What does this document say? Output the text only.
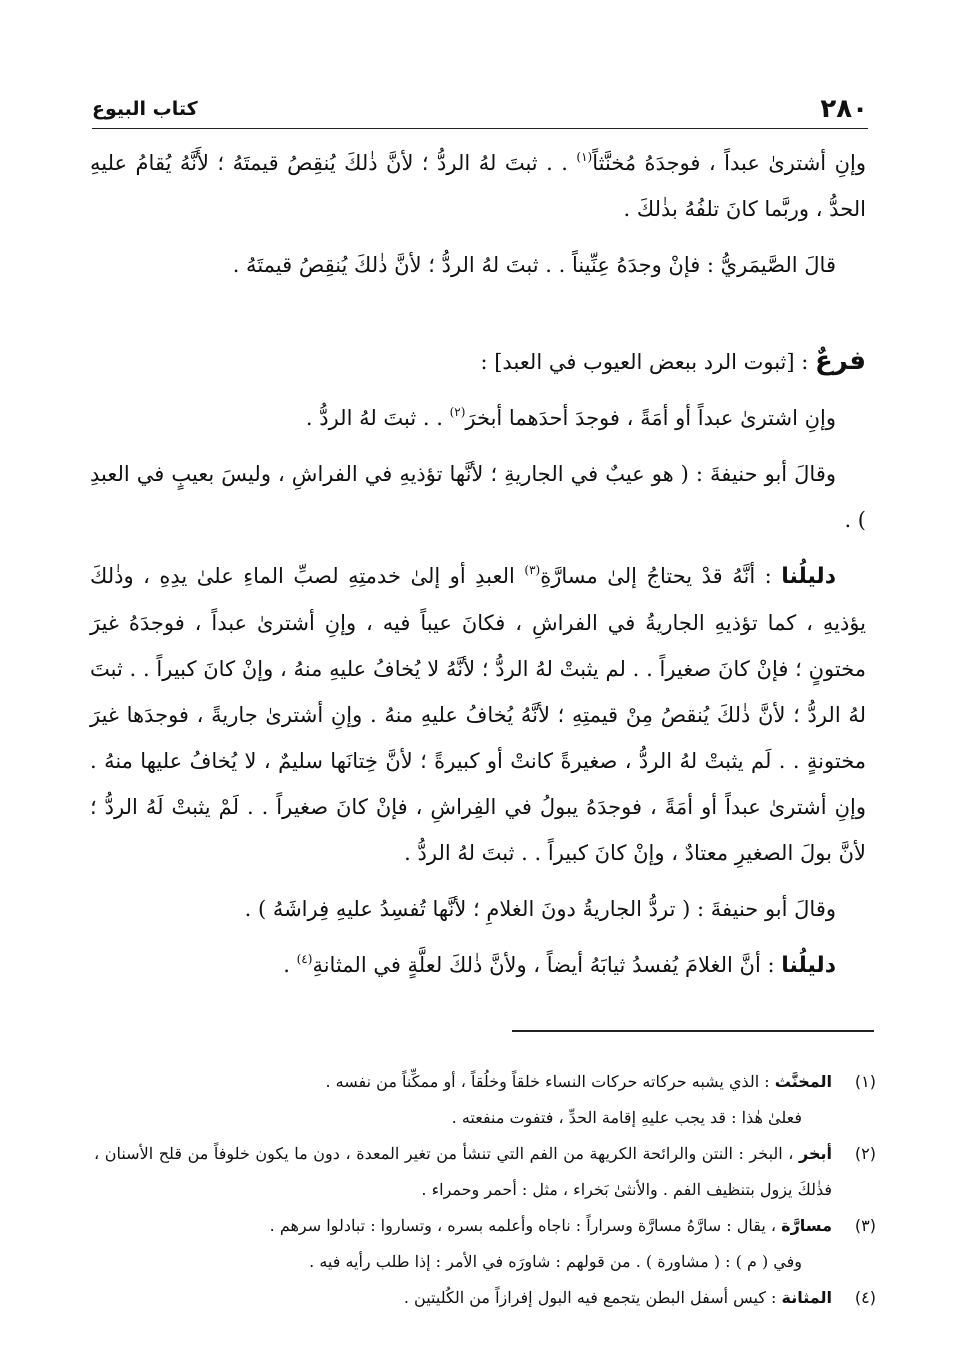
٢٨٠
كتاب البيوع

وإنِ أشترىٰ عبداً ، فوجدَهُ مُخنَّثاً$^{(١)}$ . . ثبتَ لهُ الردُّ ؛ لأنَّ ذٰلكَ يُنقِصُ قيمتَهُ ؛ لأَنَّهُ يُقامُ عليهِ الحدُّ ، وربَّما كانَ تلفُهُ بذٰلكَ .

قالَ الصَّيمَريُّ : فإنْ وجدَهُ عِنِّيناً . . ثبتَ لهُ الردُّ ؛ لأنَّ ذٰلكَ يُنقِصُ قيمتَهُ .

فرعٌ : [ثبوت الرد ببعض العيوب في العبد] :

وإنِ اشترىٰ عبداً أو أمَةً ، فوجدَ أحدَهما أبخرَ$^{(٢)}$ . . ثبتَ لهُ الردُّ .

وقالَ أبو حنيفةَ : ( هو عيبٌ في الجاريةِ ؛ لأنَّها تؤذيهِ في الفراشِ ، وليسَ بعيبٍ في العبدِ ) .

دليلُنا : أنَّهُ قدْ يحتاجُ إلىٰ مسارَّةِ$^{(٣)}$ العبدِ أو إلىٰ خدمتِهِ لصبِّ الماءِ علىٰ يدِهِ ، وذٰلكَ يؤذيهِ ، كما تؤذيهِ الجاريةُ في الفراشِ ، فكانَ عيباً فيه ، وإنِ أشترىٰ عبداً ، فوجدَهُ غيرَ مختونٍ ؛ فإنْ كانَ صغيراً . . لم يثبتْ لهُ الردُّ ؛ لأنَّهُ لا يُخافُ عليهِ منهُ ، وإنْ كانَ كبيراً . . ثبتَ لهُ الردُّ ؛ لأنَّ ذٰلكَ يُنقصُ مِنْ قيمتِهِ ؛ لأنَّهُ يُخافُ عليهِ منهُ . وإنِ أشترىٰ جاريةً ، فوجدَها غيرَ مختونةٍ . . لَم يثبتْ لهُ الردُّ ، صغيرةً كانتْ أو كبيرةً ؛ لأنَّ خِتانَها سليمٌ ، لا يُخافُ عليها منهُ . وإنِ أشترىٰ عبداً أو أمَةً ، فوجدَهُ يبولُ في الفِراشِ ، فإنْ كانَ صغيراً . . لَمْ يثبتْ لَهُ الردُّ ؛ لأنَّ بولَ الصغيرِ معتادٌ ، وإنْ كانَ كبيراً . . ثبتَ لهُ الردُّ .

وقالَ أبو حنيفةَ : ( تردُّ الجاريةُ دونَ الغلامِ ؛ لأنَّها تُفسِدُ عليهِ فِراشَهُ ) .

دليلُنا : أنَّ الغلامَ يُفسدُ ثيابَهُ أيضاً ، ولأنَّ ذٰلكَ لعلَّةٍ في المثانةِ$^{(٤)}$ .

(١)
المخنَّث : الذي يشبه حركاته حركات النساء خلقاً وخلُقاً ، أو ممكِّناً من نفسه .
فعلىٰ هٰذا : قد يجب عليهِ إقامة الحدِّ ، فتفوت منفعته .
(٢)
أبخر ، البخر : النتن والرائحة الكريهة من الفم التي تنشأ من تغير المعدة ، دون ما يكون خلوفاً من قلح الأسنان ، فذٰلكَ يزول بتنظيف الفم . والأنثىٰ بَخراء ، مثل : أحمر وحمراء .
(٣)
مسارَّة ، يقال : سارَّهُ مسارَّة وسراراً : ناجاه وأعلمه بسره ، وتساروا : تبادلوا سرهم .
وفي ( م ) : ( مشاورة ) . من قولهم : شاورَه في الأمر : إذا طلب رأيه فيه .
(٤)
المثانة : كيس أسفل البطن يتجمع فيه البول إفرازاً من الكُليتين .
